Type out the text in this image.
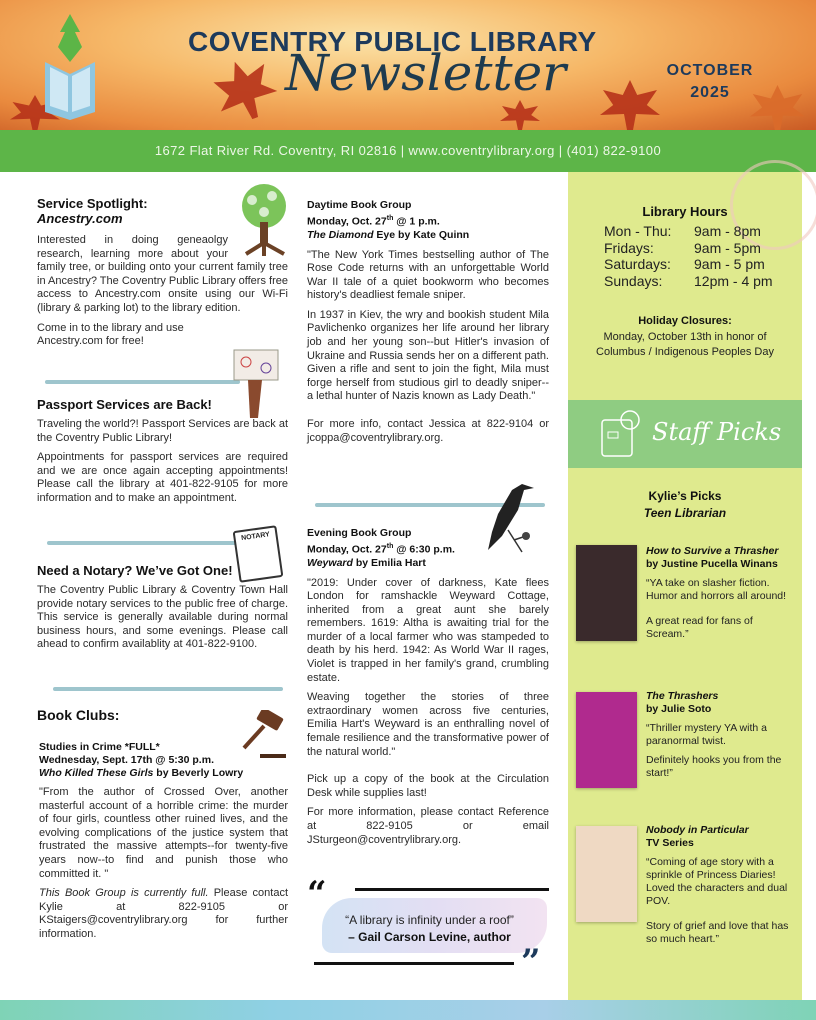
COVENTRY PUBLIC LIBRARY
Newsletter	OCTOBER
2025
1672 Flat River Rd. Coventry, RI 02816 | www.coventrylibrary.org | (401) 822-9100
Service Spotlight:
Ancestry.com
Interested in doing geneaolgy research, learning more about your family tree, or building onto your current family tree in Ancestry? The Coventry Public Library offers free access to Ancestry.com onsite using our Wi-Fi (library & parking lot) to the library edition.
Come in to the library and use Ancestry.com for free!
Passport Services are Back!
Traveling the world?! Passport Services are back at the Coventry Public Library!
Appointments for passport services are required and we are once again accepting appointments! Please call the library at 401-822-9105 for more information and to make an appointment.
NOTARY
Need a Notary? We’ve Got One!
The Coventry Public Library & Coventry Town Hall provide notary services to the public free of charge. This service is generally available during normal business hours, and some evenings. Please call ahead to confirm availablity at 401-822-9100.
Book Clubs:
Studies in Crime *FULL*
Wednesday, Sept. 17th @ 5:30 p.m.
Who Killed These Girls by Beverly Lowry
"From the author of Crossed Over, another masterful account of a horrible crime: the murder of four girls, countless other ruined lives, and the evolving complications of the justice system that frustrated the massive attempts--for twenty-five years now--to find and punish those who committed it. "
This Book Group is currently full. Please contact Kylie at 822-9105 or KStaigers@coventrylibrary.org for further information.
Daytime Book Group
Monday, Oct. 27th @ 1 p.m.
The Diamond Eye by Kate Quinn
"The New York Times bestselling author of The Rose Code returns with an unforgettable World War II tale of a quiet bookworm who becomes history's deadliest female sniper.
In 1937 in Kiev, the wry and bookish student Mila Pavlichenko organizes her life around her library job and her young son--but Hitler's invasion of Ukraine and Russia sends her on a different path. Given a rifle and sent to join the fight, Mila must forge herself from studious girl to deadly sniper--a lethal hunter of Nazis known as Lady Death."
For more info, contact Jessica at 822-9104 or jcoppa@coventrylibrary.org.
Evening Book Group
Monday, Oct. 27th @ 6:30 p.m.
Weyward by Emilia Hart
"2019: Under cover of darkness, Kate flees London for ramshackle Weyward Cottage, inherited from a great aunt she barely remembers. 1619: Altha is awaiting trial for the murder of a local farmer who was stampeded to death by his herd. 1942: As World War II rages, Violet is trapped in her family's grand, crumbling estate.
Weaving together the stories of three extraordinary women across five centuries, Emilia Hart's Weyward is an enthralling novel of female resilience and the transformative power of the natural world."
Pick up a copy of the book at the Circulation Desk while supplies last!
For more information, please contact Reference at 822-9105 or email JSturgeon@coventrylibrary.org.
“
“A library is infinity under a roof”
– Gail Carson Levine, author
”
Library Hours
Mon - Thu:	9am - 8pm
Fridays:	9am - 5pm
Saturdays:	9am - 5 pm
Sundays:	12pm - 4 pm
Holiday Closures:
Monday, October 13th in honor of Columbus / Indigenous Peoples Day
Staff Picks
Kylie’s Picks
Teen Librarian
How to Survive a Thrasher
by Justine Pucella Winans
“YA take on slasher fiction. Humor and horrors all around!
A great read for fans of Scream.”
The Thrashers
by Julie Soto
“Thriller mystery YA with a paranormal twist.
Definitely hooks you from the start!”
Nobody in Particular
TV Series
“Coming of age story with a sprinkle of Princess Diaries! Loved the characters and dual POV.
Story of grief and love that has so much heart.”
